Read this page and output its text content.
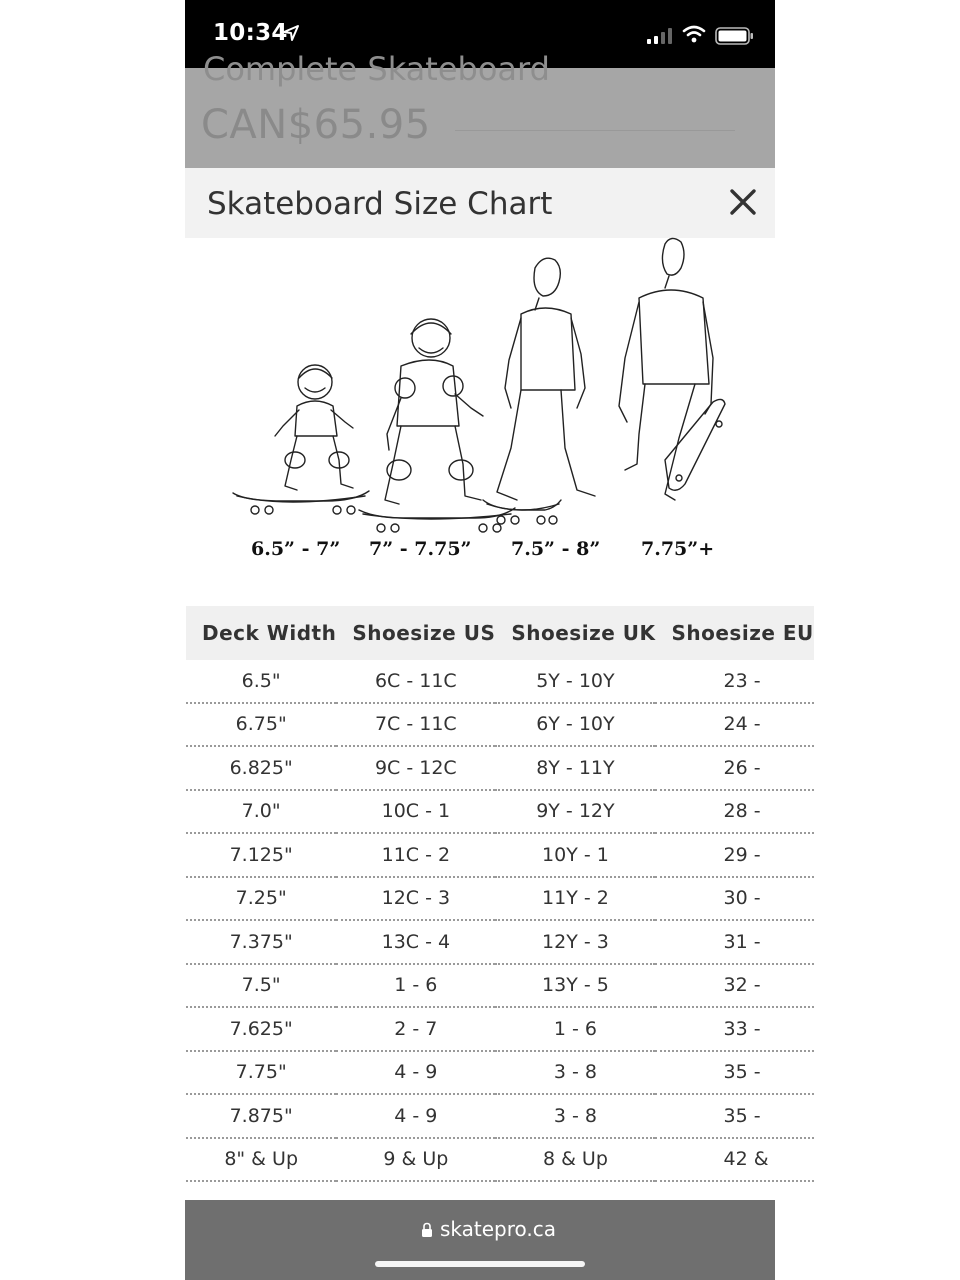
10:34
Complete Skateboard
CAN$65.95
Skateboard Size Chart
6.5” - 7” 7” - 7.75” 7.5” - 8” 7.75”+
Deck Width	Shoesize US	Shoesize UK	Shoesize EU
6.5"	6C - 11C	5Y - 10Y	23 -
6.75"	7C - 11C	6Y - 10Y	24 -
6.825"	9C - 12C	8Y - 11Y	26 -
7.0"	10C - 1	9Y - 12Y	28 -
7.125"	11C - 2	10Y - 1	29 -
7.25"	12C - 3	11Y - 2	30 -
7.375"	13C - 4	12Y - 3	31 -
7.5"	1 - 6	13Y - 5	32 -
7.625"	2 - 7	1 - 6	33 -
7.75"	4 - 9	3 - 8	35 -
7.875"	4 - 9	3 - 8	35 -
8" & Up	9 & Up	8 & Up	42 &
skatepro.ca
